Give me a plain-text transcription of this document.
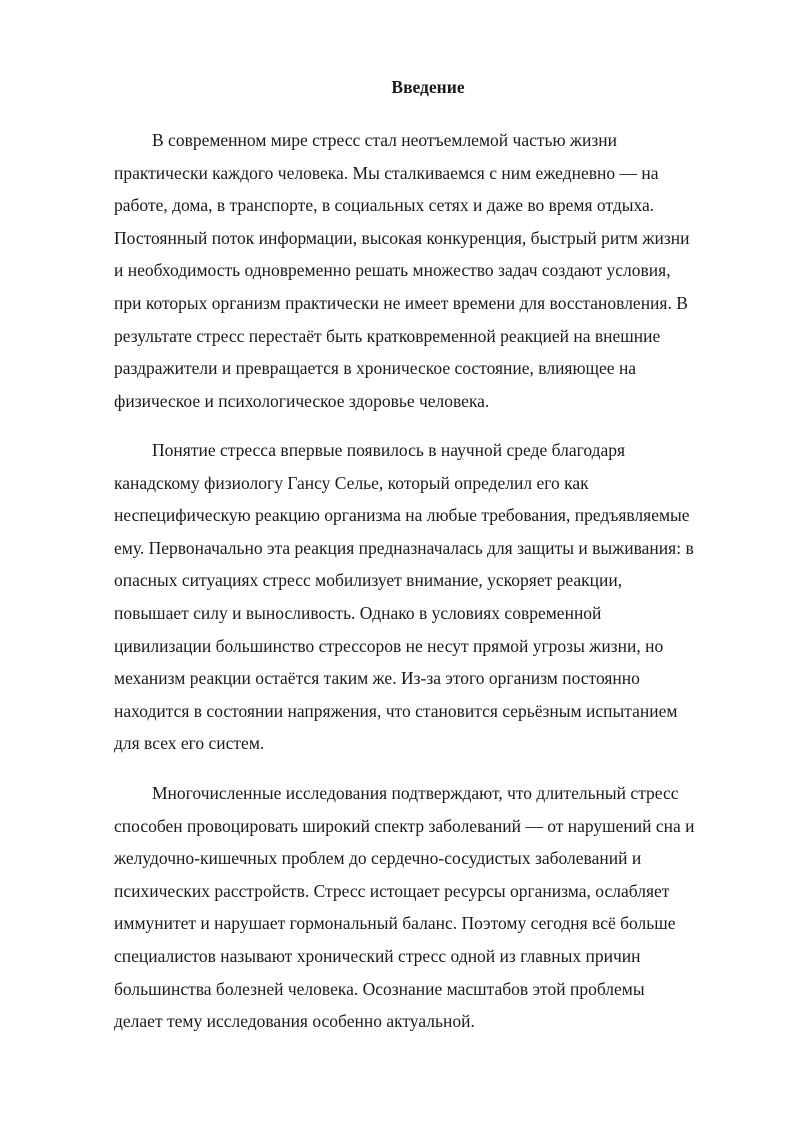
Введение
В современном мире стресс стал неотъемлемой частью жизни
практически каждого человека. Мы сталкиваемся с ним ежедневно — на
работе, дома, в транспорте, в социальных сетях и даже во время отдыха.
Постоянный поток информации, высокая конкуренция, быстрый ритм жизни
и необходимость одновременно решать множество задач создают условия,
при которых организм практически не имеет времени для восстановления. В
результате стресс перестаёт быть кратковременной реакцией на внешние
раздражители и превращается в хроническое состояние, влияющее на
физическое и психологическое здоровье человека.
Понятие стресса впервые появилось в научной среде благодаря
канадскому физиологу Гансу Селье, который определил его как
неспецифическую реакцию организма на любые требования, предъявляемые
ему. Первоначально эта реакция предназначалась для защиты и выживания: в
опасных ситуациях стресс мобилизует внимание, ускоряет реакции,
повышает силу и выносливость. Однако в условиях современной
цивилизации большинство стрессоров не несут прямой угрозы жизни, но
механизм реакции остаётся таким же. Из-за этого организм постоянно
находится в состоянии напряжения, что становится серьёзным испытанием
для всех его систем.
Многочисленные исследования подтверждают, что длительный стресс
способен провоцировать широкий спектр заболеваний — от нарушений сна и
желудочно-кишечных проблем до сердечно-сосудистых заболеваний и
психических расстройств. Стресс истощает ресурсы организма, ослабляет
иммунитет и нарушает гормональный баланс. Поэтому сегодня всё больше
специалистов называют хронический стресс одной из главных причин
большинства болезней человека. Осознание масштабов этой проблемы
делает тему исследования особенно актуальной.
